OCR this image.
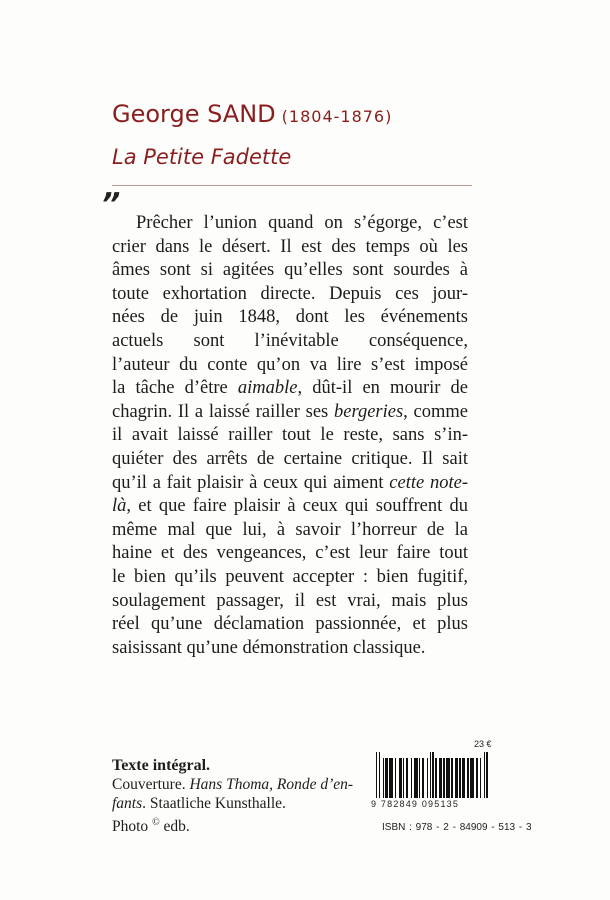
George SAND (1804-1876)
La Petite Fadette
”
Prêcher l’union quand on s’égorge, c’est
crier dans le désert. Il est des temps où les
âmes sont si agitées qu’elles sont sourdes à
toute exhortation directe. Depuis ces jour-
nées de juin 1848, dont les événements
actuels sont l’inévitable conséquence,
l’auteur du conte qu’on va lire s’est imposé
la tâche d’être aimable, dût-il en mourir de
chagrin. Il a laissé railler ses bergeries, comme
il avait laissé railler tout le reste, sans s’in-
quiéter des arrêts de certaine critique. Il sait
qu’il a fait plaisir à ceux qui aiment cette note-
là, et que faire plaisir à ceux qui souffrent du
même mal que lui, à savoir l’horreur de la
haine et des vengeances, c’est leur faire tout
le bien qu’ils peuvent accepter : bien fugitif,
soulagement passager, il est vrai, mais plus
réel qu’une déclamation passionnée, et plus
saisissant qu’une démonstration classique.
Texte intégral.
Couverture. Hans Thoma, Ronde d’en-
fants. Staatliche Kunsthalle.
Photo © edb.
23 €
9 782849 095135
ISBN : 978 - 2 - 84909 - 513 - 3
